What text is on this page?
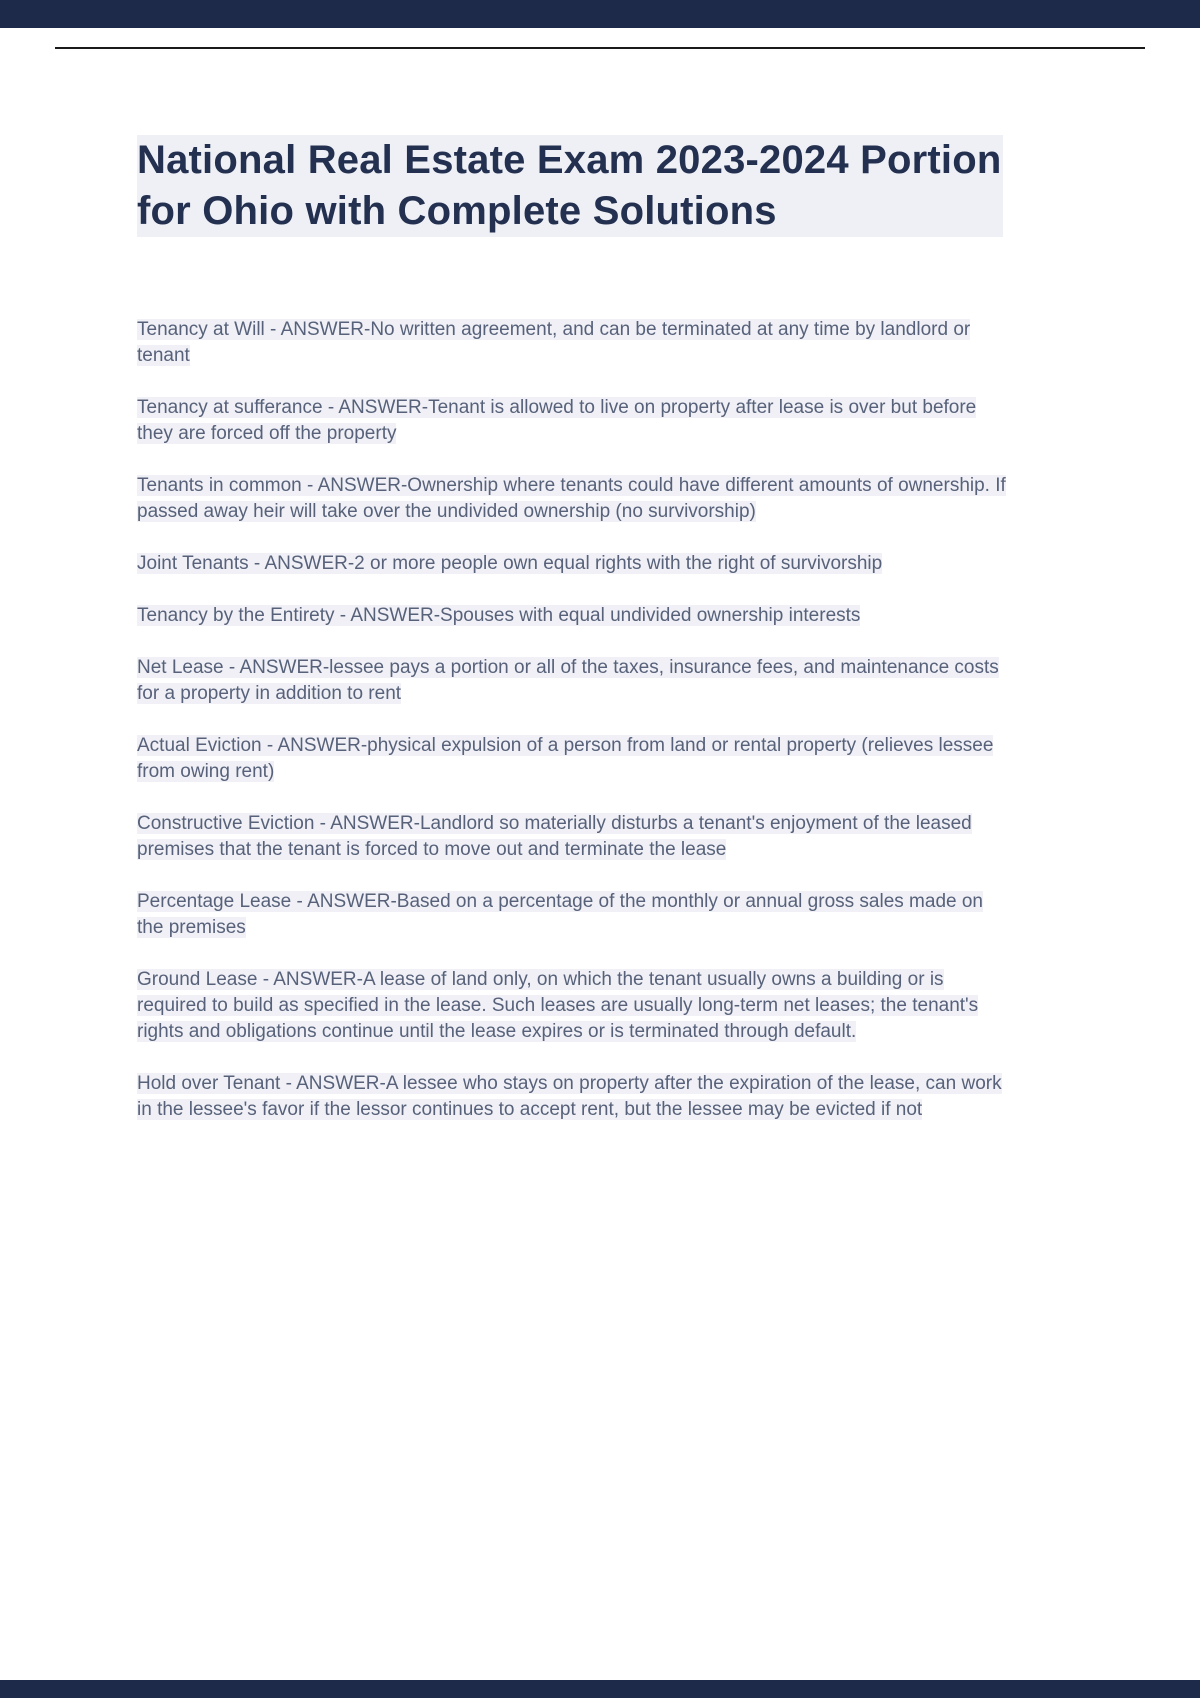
National Real Estate Exam 2023-2024 Portion for Ohio with Complete Solutions

Tenancy at Will - ANSWER-No written agreement, and can be terminated at any time by landlord or tenant

Tenancy at sufferance - ANSWER-Tenant is allowed to live on property after lease is over but before they are forced off the property

Tenants in common - ANSWER-Ownership where tenants could have different amounts of ownership. If passed away heir will take over the undivided ownership (no survivorship)

Joint Tenants - ANSWER-2 or more people own equal rights with the right of survivorship

Tenancy by the Entirety - ANSWER-Spouses with equal undivided ownership interests

Net Lease - ANSWER-lessee pays a portion or all of the taxes, insurance fees, and maintenance costs for a property in addition to rent

Actual Eviction - ANSWER-physical expulsion of a person from land or rental property (relieves lessee from owing rent)

Constructive Eviction - ANSWER-Landlord so materially disturbs a tenant's enjoyment of the leased premises that the tenant is forced to move out and terminate the lease

Percentage Lease - ANSWER-Based on a percentage of the monthly or annual gross sales made on the premises

Ground Lease - ANSWER-A lease of land only, on which the tenant usually owns a building or is required to build as specified in the lease. Such leases are usually long-term net leases; the tenant's rights and obligations continue until the lease expires or is terminated through default.

Hold over Tenant - ANSWER-A lessee who stays on property after the expiration of the lease, can work in the lessee's favor if the lessor continues to accept rent, but the lessee may be evicted if not
